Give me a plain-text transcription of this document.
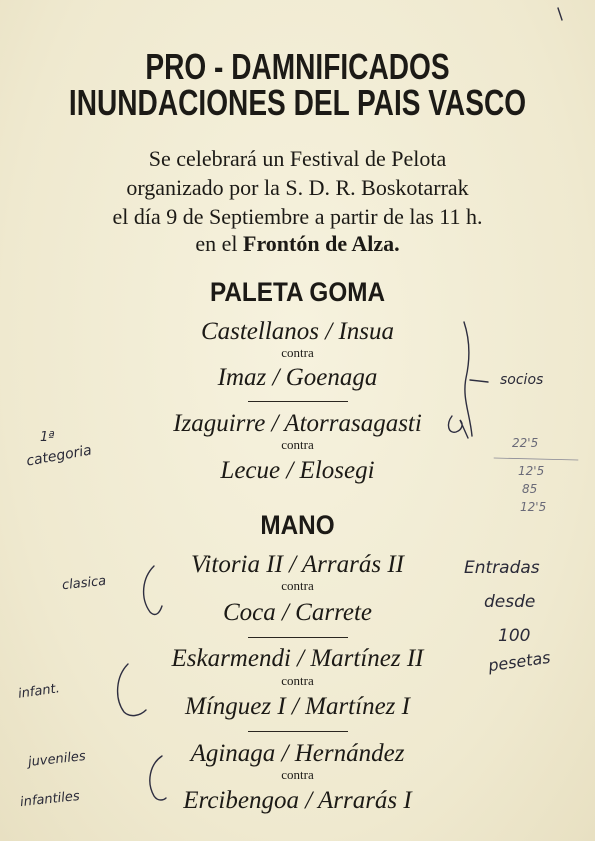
PRO - DAMNIFICADOS
INUNDACIONES DEL PAIS VASCO
Se celebrará un Festival de Pelota
organizado por la S. D. R. Boskotarrak
el día 9 de Septiembre a partir de las 11 h.
en el Frontón de Alza.
PALETA GOMA
Castellanos / Insua
contra
Imaz / Goenaga
Izaguirre / Atorrasagasti
contra
Lecue / Elosegi
MANO
Vitoria II / Arrarás II
contra
Coca / Carrete
Eskarmendi / Martínez II
contra
Mínguez I / Martínez I
Aginaga / Hernández
contra
Ercibengoa / Arrarás I
socios
1ª
categoria	22'5
12'5
85
12'5
clasica
Entradas
desde
100
pesetas
infant.
juveniles
infantiles
